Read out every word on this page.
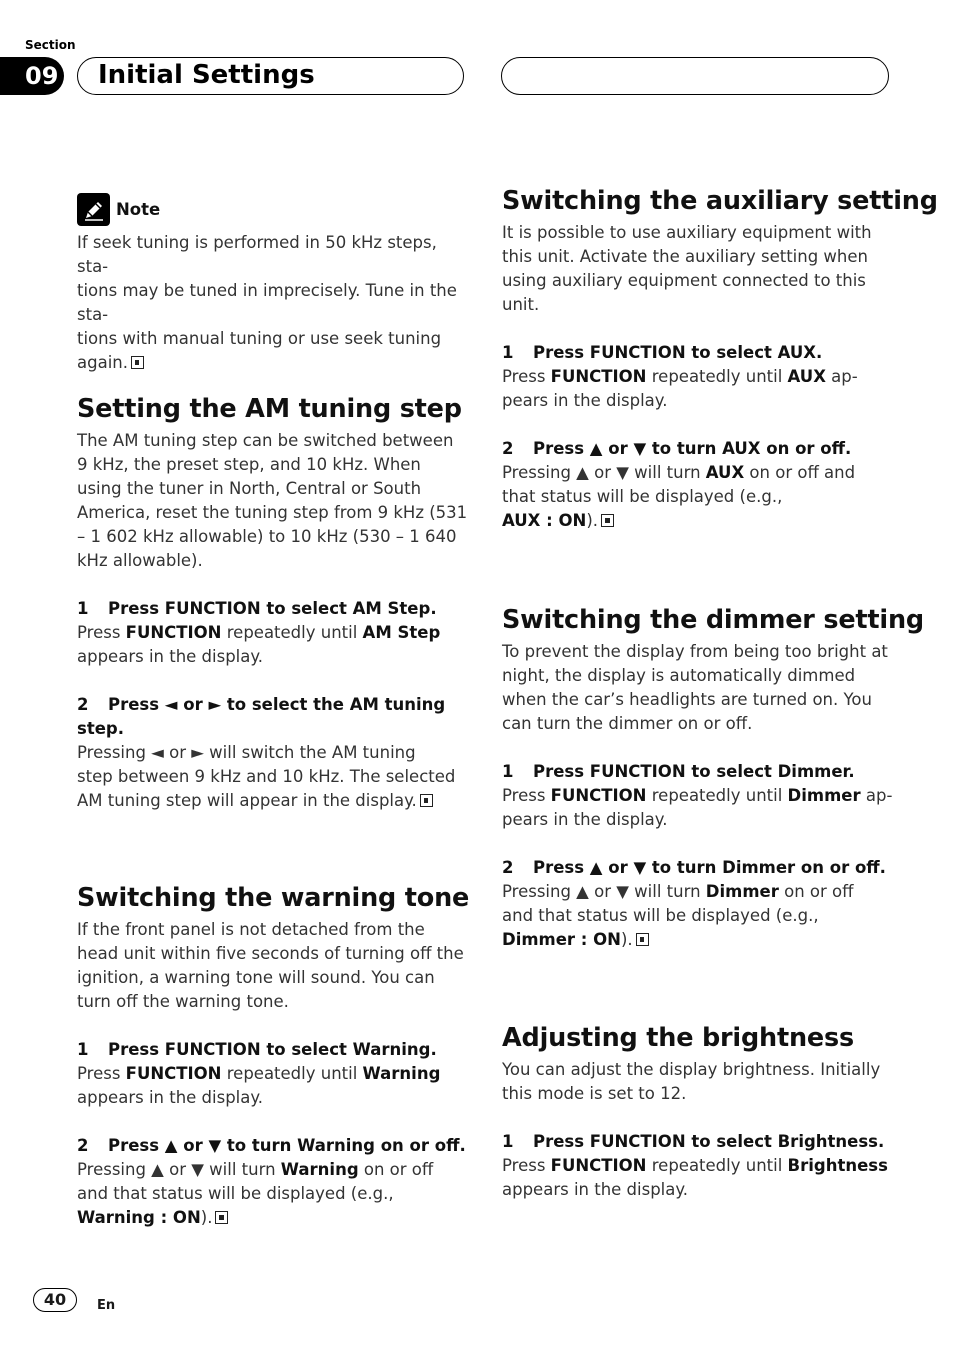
Section
09 Initial Settings
Note

If seek tuning is performed in 50 kHz steps, sta-
tions may be tuned in imprecisely. Tune in the sta-
tions with manual tuning or use seek tuning
again.

Setting the AM tuning step

The AM tuning step can be switched between
9 kHz, the preset step, and 10 kHz. When
using the tuner in North, Central or South
America, reset the tuning step from 9 kHz (531
– 1 602 kHz allowable) to 10 kHz (530 – 1 640
kHz allowable).

1 Press FUNCTION to select AM Step.

Press FUNCTION repeatedly until AM Step
appears in the display.

2 Press ◄ or ► to select the AM tuning
step.

Pressing ◄ or ► will switch the AM tuning
step between 9 kHz and 10 kHz. The selected
AM tuning step will appear in the display.

Switching the warning tone

If the front panel is not detached from the
head unit within five seconds of turning off the
ignition, a warning tone will sound. You can
turn off the warning tone.

1 Press FUNCTION to select Warning.

Press FUNCTION repeatedly until Warning
appears in the display.

2 Press ▲ or ▼ to turn Warning on or off.

Pressing ▲ or ▼ will turn Warning on or off
and that status will be displayed (e.g.,
Warning : ON).

Switching the auxiliary setting

It is possible to use auxiliary equipment with
this unit. Activate the auxiliary setting when
using auxiliary equipment connected to this
unit.

1 Press FUNCTION to select AUX.

Press FUNCTION repeatedly until AUX ap-
pears in the display.

2 Press ▲ or ▼ to turn AUX on or off.

Pressing ▲ or ▼ will turn AUX on or off and
that status will be displayed (e.g.,
AUX : ON).

Switching the dimmer setting

To prevent the display from being too bright at
night, the display is automatically dimmed
when the car’s headlights are turned on. You
can turn the dimmer on or off.

1 Press FUNCTION to select Dimmer.

Press FUNCTION repeatedly until Dimmer ap-
pears in the display.

2 Press ▲ or ▼ to turn Dimmer on or off.

Pressing ▲ or ▼ will turn Dimmer on or off
and that status will be displayed (e.g.,
Dimmer : ON).

Adjusting the brightness

You can adjust the display brightness. Initially
this mode is set to 12.

1 Press FUNCTION to select Brightness.

Press FUNCTION repeatedly until Brightness
appears in the display.

40	En
